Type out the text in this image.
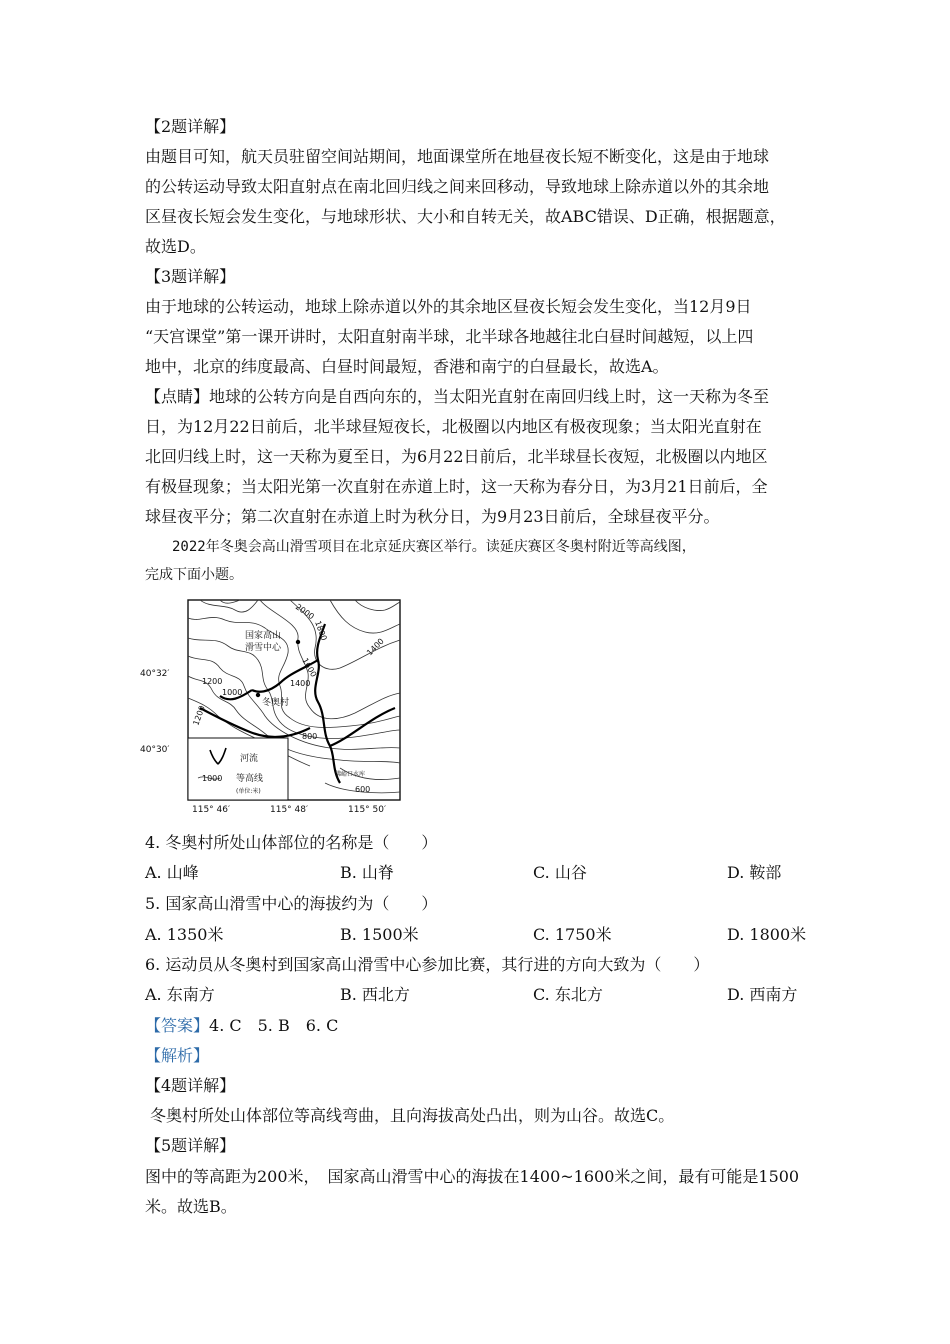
【2题详解】
由题目可知，航天员驻留空间站期间，地面课堂所在地昼夜长短不断变化，这是由于地球
的公转运动导致太阳直射点在南北回归线之间来回移动，导致地球上除赤道以外的其余地
区昼夜长短会发生变化，与地球形状、大小和自转无关，故ABC错误、D正确，根据题意，
故选D。
【3题详解】
由于地球的公转运动，地球上除赤道以外的其余地区昼夜长短会发生变化，当12月9日
“天宫课堂”第一课开讲时，太阳直射南半球，北半球各地越往北白昼时间越短，以上四
地中，北京的纬度最高、白昼时间最短，香港和南宁的白昼最长，故选A。
【点睛】地球的公转方向是自西向东的，当太阳光直射在南回归线上时，这一天称为冬至
日，为12月22日前后，北半球昼短夜长，北极圈以内地区有极夜现象；当太阳光直射在
北回归线上时，这一天称为夏至日，为6月22日前后，北半球昼长夜短，北极圈以内地区
有极昼现象；当太阳光第一次直射在赤道上时，这一天称为春分日，为3月21日前后，全
球昼夜平分；第二次直射在赤道上时为秋分日，为9月23日前后，全球昼夜平分。
2022年冬奥会高山滑雪项目在北京延庆赛区举行。读延庆赛区冬奥村附近等高线图，
完成下面小题。
2000
1800
1600
1400
1200
1000
1200
1400
800
600
国家高山
滑雪中心
冬奥村
佛峪口水库
40°32′
40°30′
115° 46′	115° 48′	115° 50′
河流
1000 等高线
(单位:米)
4. 冬奥村所处山体部位的名称是（　　）
A. 山峰	B. 山脊	C. 山谷	D. 鞍部
5. 国家高山滑雪中心的海拔约为（　　）
A. 1350米	B. 1500米	C. 1750米	D. 1800米
6. 运动员从冬奥村到国家高山滑雪中心参加比赛，其行进的方向大致为（　　）
A. 东南方	B. 西北方	C. 东北方	D. 西南方
【答案】4. C　5. B　6. C
【解析】
【4题详解】
冬奥村所处山体部位等高线弯曲，且向海拔高处凸出，则为山谷。故选C。
【5题详解】
图中的等高距为200米，　国家高山滑雪中心的海拔在1400~1600米之间，最有可能是1500
米。故选B。
